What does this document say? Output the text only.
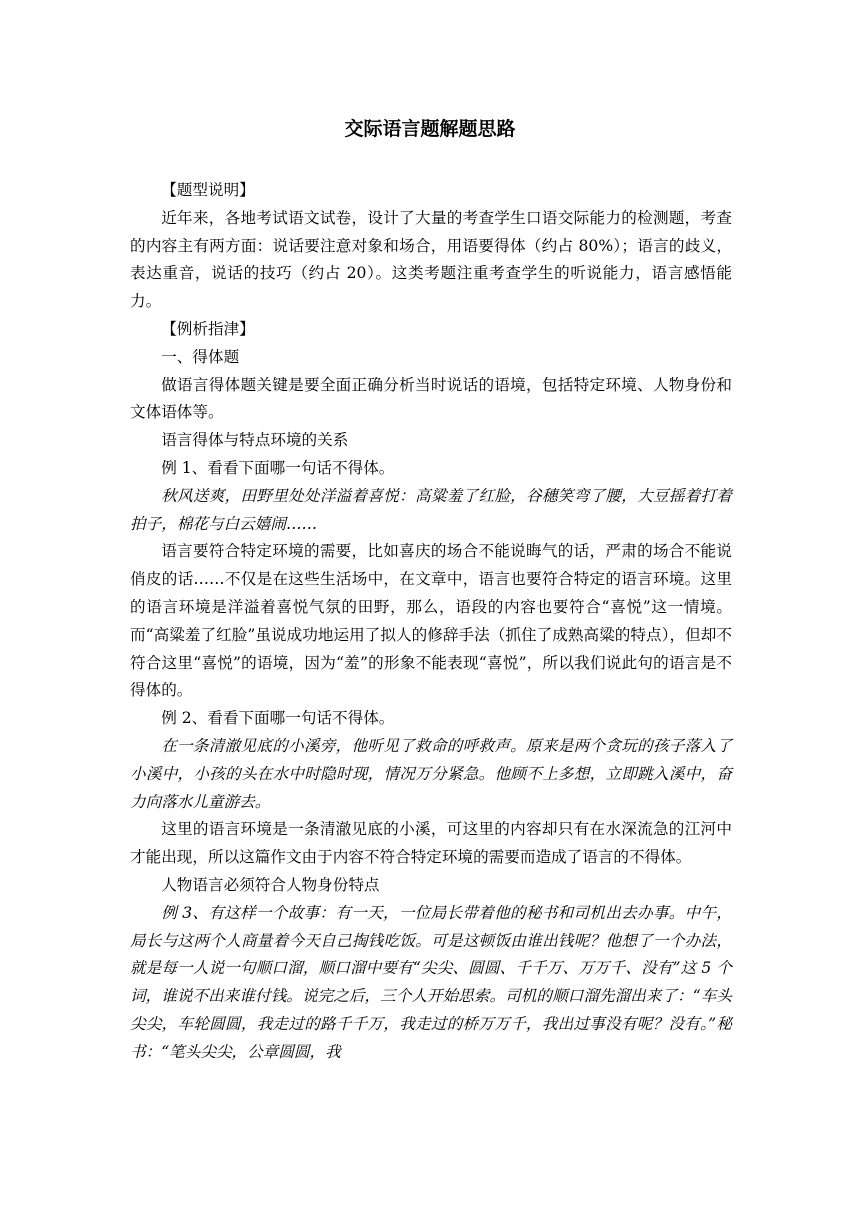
交际语言题解题思路

【题型说明】

近年来，各地考试语文试卷，设计了大量的考查学生口语交际能力的检测题，考查的内容主有两方面：说话要注意对象和场合，用语要得体（约占 80%）；语言的歧义，表达重音，说话的技巧（约占 20）。这类考题注重考查学生的听说能力，语言感悟能力。

【例析指津】

一、得体题

做语言得体题关键是要全面正确分析当时说话的语境，包括特定环境、人物身份和文体语体等。

语言得体与特点环境的关系

例 1、看看下面哪一句话不得体。

秋风送爽，田野里处处洋溢着喜悦：高粱羞了红脸，谷穗笑弯了腰，大豆摇着打着拍子，棉花与白云嬉闹……

语言要符合特定环境的需要，比如喜庆的场合不能说晦气的话，严肃的场合不能说俏皮的话……不仅是在这些生活场中，在文章中，语言也要符合特定的语言环境。这里的语言环境是洋溢着喜悦气氛的田野，那么，语段的内容也要符合“喜悦”这一情境。而“高粱羞了红脸”虽说成功地运用了拟人的修辞手法（抓住了成熟高粱的特点），但却不符合这里“喜悦”的语境，因为“羞”的形象不能表现“喜悦”，所以我们说此句的语言是不得体的。

例 2、看看下面哪一句话不得体。

在一条清澈见底的小溪旁，他听见了救命的呼救声。原来是两个贪玩的孩子落入了小溪中，小孩的头在水中时隐时现，情况万分紧急。他顾不上多想，立即跳入溪中，奋力向落水儿童游去。

这里的语言环境是一条清澈见底的小溪，可这里的内容却只有在水深流急的江河中才能出现，所以这篇作文由于内容不符合特定环境的需要而造成了语言的不得体。

人物语言必须符合人物身份特点

例 3、有这样一个故事：有一天，一位局长带着他的秘书和司机出去办事。中午，局长与这两个人商量着今天自己掏钱吃饭。可是这顿饭由谁出钱呢？他想了一个办法，就是每一人说一句顺口溜，顺口溜中要有“尖尖、圆圆、千千万、万万千、没有”这 5 个词，谁说不出来谁付钱。说完之后，三个人开始思索。司机的顺口溜先溜出来了：“车头尖尖，车轮圆圆，我走过的路千千万，我走过的桥万万千，我出过事没有呢？没有。”秘书：“笔头尖尖，公章圆圆，我
